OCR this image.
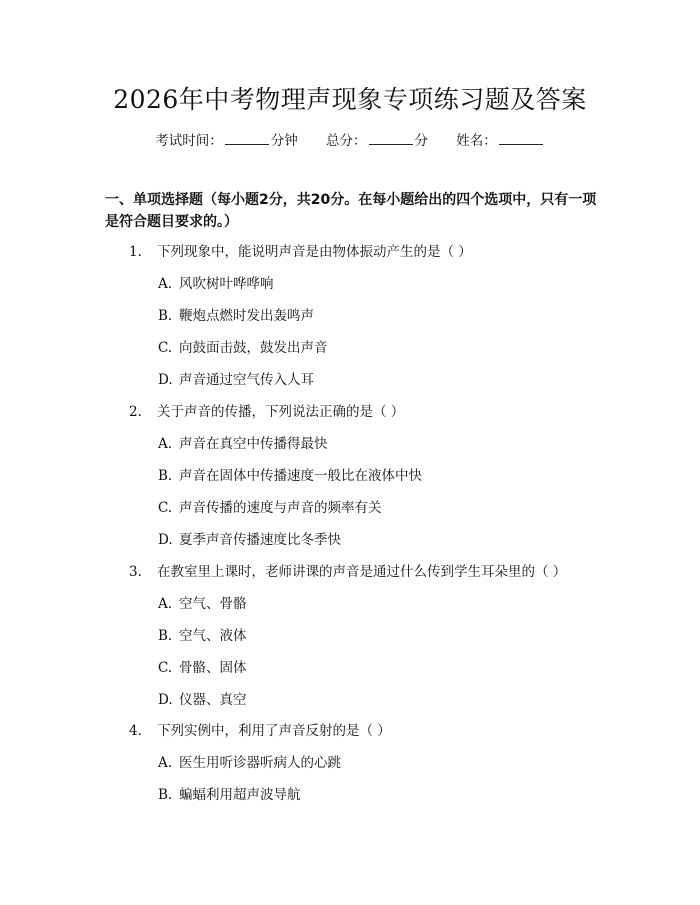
2026年中考物理声现象专项练习题及答案
考试时间：	分钟 总分：	分 姓名：
一、单项选择题（每小题2分，共20分。在每小题给出的四个选项中，只有一项是符合题目要求的。）
1. 下列现象中，能说明声音是由物体振动产生的是（ ）
A. 风吹树叶哗哗响
B. 鞭炮点燃时发出轰鸣声
C. 向鼓面击鼓，鼓发出声音
D. 声音通过空气传入人耳
2. 关于声音的传播，下列说法正确的是（ ）
A. 声音在真空中传播得最快
B. 声音在固体中传播速度一般比在液体中快
C. 声音传播的速度与声音的频率有关
D. 夏季声音传播速度比冬季快
3. 在教室里上课时，老师讲课的声音是通过什么传到学生耳朵里的（ ）
A. 空气、骨骼
B. 空气、液体
C. 骨骼、固体
D. 仪器、真空
4. 下列实例中，利用了声音反射的是（ ）
A. 医生用听诊器听病人的心跳
B. 蝙蝠利用超声波导航
